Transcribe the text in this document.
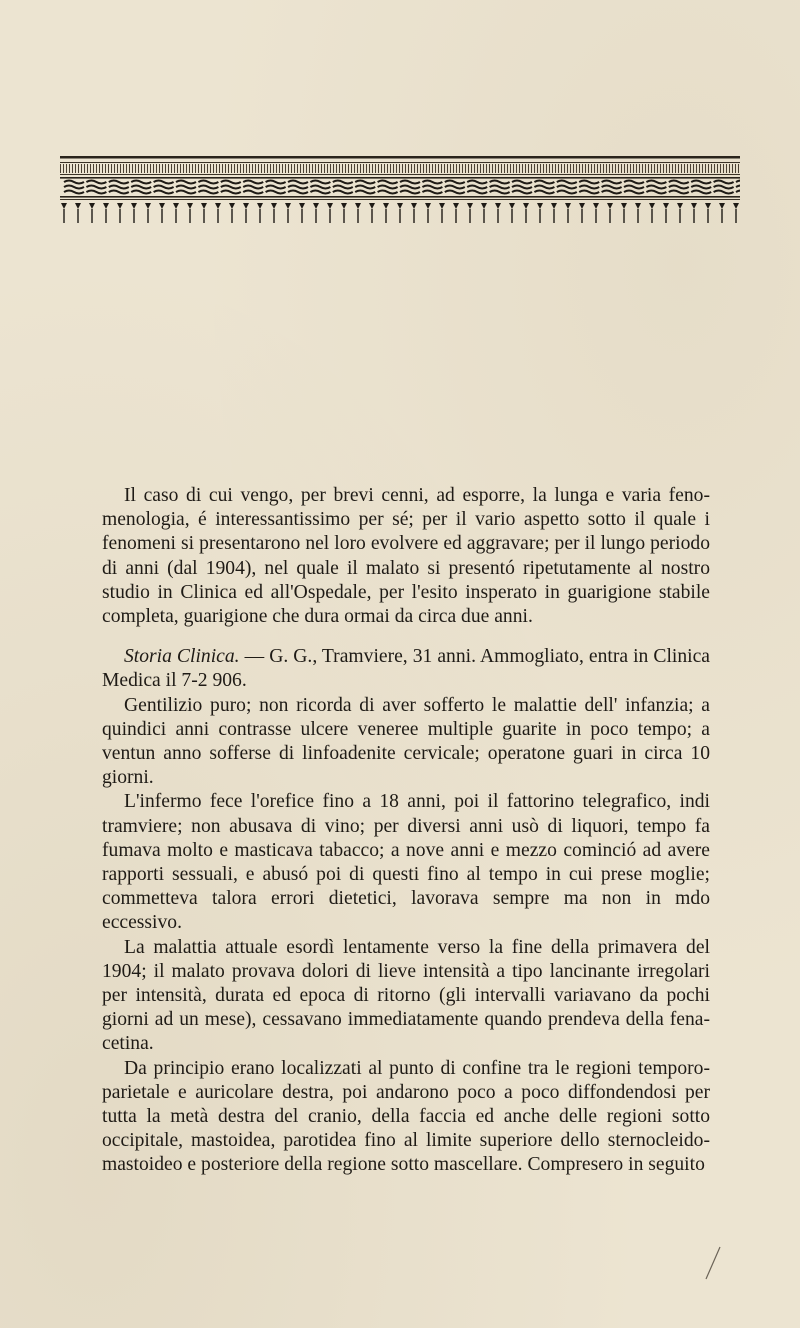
Il caso di cui vengo, per brevi cenni, ad esporre, la lunga e varia fenomenologia, é interessantissimo per sé; per il vario aspetto sotto il quale i fenomeni si presentarono nel loro evolvere ed aggravare; per il lungo periodo di anni (dal 1904), nel quale il malato si presentó ripetutamente al nostro studio in Clinica ed all'Ospedale, per l'esito insperato in guarigione stabile completa, guarigione che dura ormai da circa due anni.

Storia Clinica. — G. G., Tramviere, 31 anni. Ammogliato, entra in Clinica Medica il 7-2 906.

Gentilizio puro; non ricorda di aver sofferto le malattie dell' infanzia; a quindici anni contrasse ulcere veneree multiple guarite in poco tempo; a ventun anno sofferse di linfoadenite cervicale; operatone guari in circa 10 giorni.

L'infermo fece l'orefice fino a 18 anni, poi il fattorino telegrafico, indi tramviere; non abusava di vino; per diversi anni usò di liquori, tempo fa fumava molto e masticava tabacco; a nove anni e mezzo cominció ad avere rapporti sessuali, e abusó poi di questi fino al tempo in cui prese moglie; commetteva talora errori dietetici, lavorava sempre ma non in mdo eccessivo.

La malattia attuale esordì lentamente verso la fine della primavera del 1904; il malato provava dolori di lieve intensità a tipo lancinante irregolari per intensità, durata ed epoca di ritorno (gli intervalli variavano da pochi giorni ad un mese), cessavano immediatamente quando prendeva della fenacetina.

Da principio erano localizzati al punto di confine tra le regioni temporo-parietale e auricolare destra, poi andarono poco a poco diffondendosi per tutta la metà destra del cranio, della faccia ed anche delle regioni sotto occipitale, mastoidea, parotidea fino al limite superiore dello sternocleido-mastoideo e posteriore della regione sotto mascellare. Compresero in seguito
